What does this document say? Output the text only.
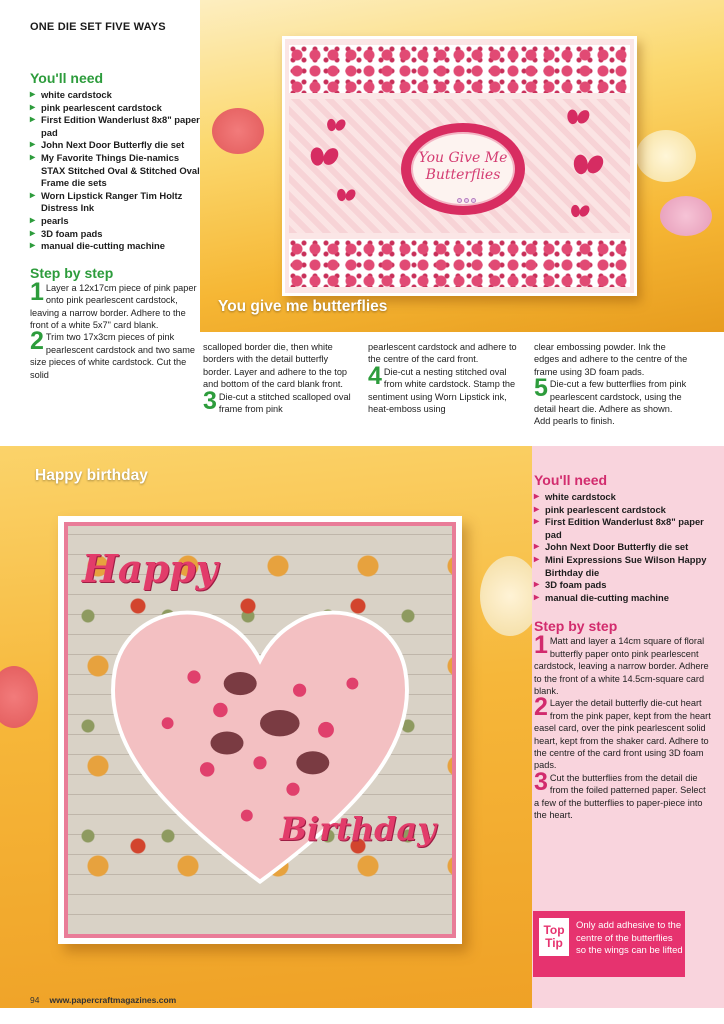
ONE DIE SET FIVE WAYS
You Give Me
Butterflies
You give me butterflies
You'll need
▸ white cardstock
▸ pink pearlescent cardstock
▸ First Edition Wanderlust 8x8" paper pad
▸ John Next Door Butterfly die set
▸ My Favorite Things Die-namics STAX Stitched Oval & Stitched Oval Frame die sets
▸ Worn Lipstick Ranger Tim Holtz Distress Ink
▸ pearls
▸ 3D foam pads
▸ manual die-cutting machine
Step by step
1 Layer a 12x17cm piece of pink paper onto pink pearlescent cardstock, leaving a narrow border. Adhere to the front of a white 5x7" card blank.
2 Trim two 17x3cm pieces of pink pearlescent cardstock and two same size pieces of white cardstock. Cut the solid
scalloped border die, then white borders with the detail butterfly border. Layer and adhere to the top and bottom of the card blank front.
3 Die-cut a stitched scalloped oval frame from pink
pearlescent cardstock and adhere to the centre of the card front.
4 Die-cut a nesting stitched oval from white cardstock. Stamp the sentiment using Worn Lipstick ink, heat-emboss using
clear embossing powder. Ink the edges and adhere to the centre of the frame using 3D foam pads.
5 Die-cut a few butterflies from pink pearlescent cardstock, using the detail heart die. Adhere as shown. Add pearls to finish.
Happy birthday
Happy
Birthday
You'll need
▸ white cardstock
▸ pink pearlescent cardstock
▸ First Edition Wanderlust 8x8" paper pad
▸ John Next Door Butterfly die set
▸ Mini Expressions Sue Wilson Happy Birthday die
▸ 3D foam pads
▸ manual die-cutting machine
Step by step
1 Matt and layer a 14cm square of floral butterfly paper onto pink pearlescent cardstock, leaving a narrow border. Adhere to the front of a white 14.5cm-square card blank.
2 Layer the detail butterfly die-cut heart from the pink paper, kept from the heart easel card, over the pink pearlescent solid heart, kept from the shaker card. Adhere to the centre of the card front using 3D foam pads.
3 Cut the butterflies from the detail die from the foiled patterned paper. Select a few of the butterflies to paper-piece into the heart.
Top
Tip
Only add adhesive to the centre of the butterflies so the wings can be lifted
94 www.papercraftmagazines.com
